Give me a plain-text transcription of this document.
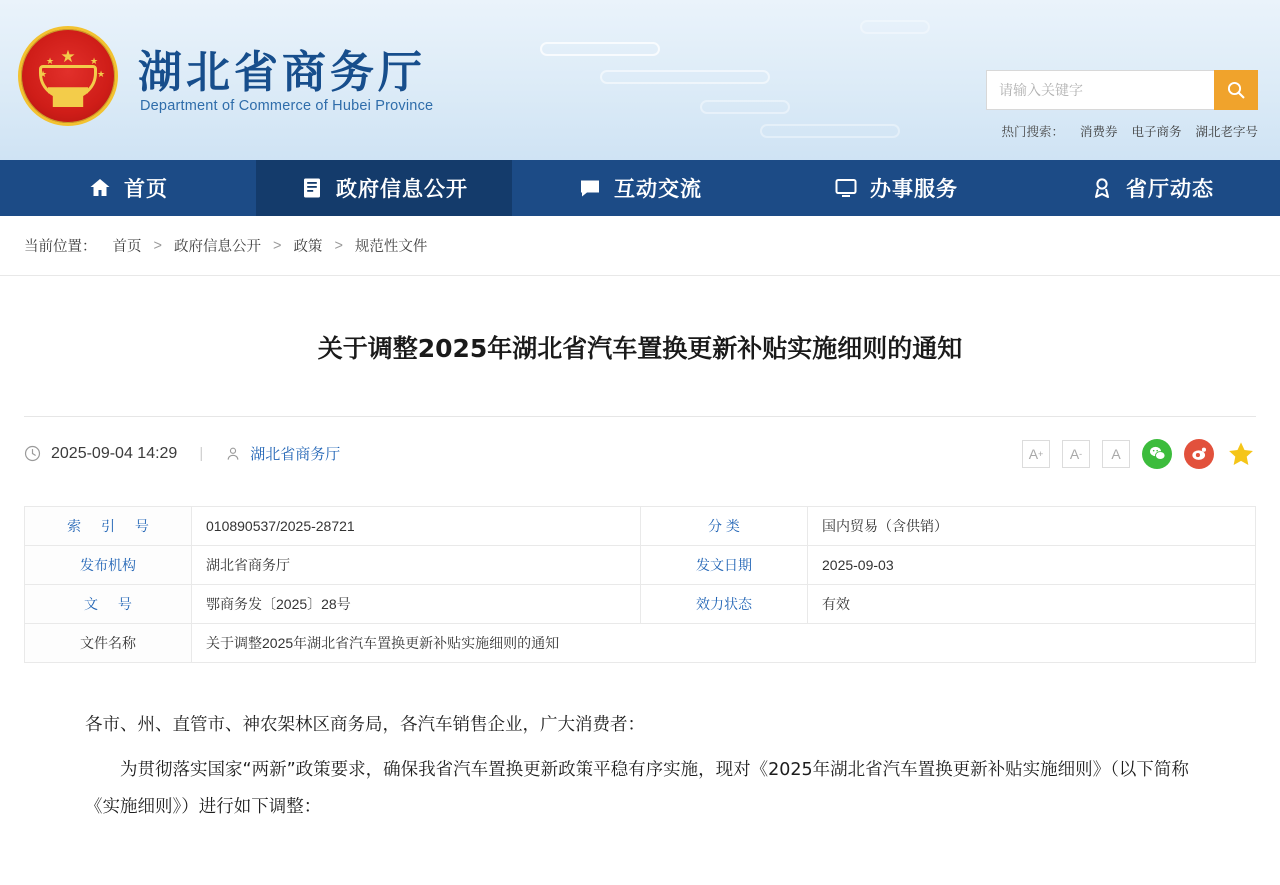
★
★
★
★
★ 湖北省商务厅
Department of Commerce of Hubei Province
请输入关键字
热门搜索： 消费券 电子商务 湖北老字号
首页	政府信息公开	互动交流	办事服务	省厅动态
当前位置： 首页 > 政府信息公开 > 政策 > 规范性文件
关于调整2025年湖北省汽车置换更新补贴实施细则的通知
2025-09-04 14:29 |	湖北省商务厅	A +	A -	A
索 引 号	010890537/2025-28721	分 类	国内贸易（含供销）
发布机构	湖北省商务厅	发文日期	2025-09-03
文 号	鄂商务发〔2025〕28号	效力状态	有效
文件名称	关于调整2025年湖北省汽车置换更新补贴实施细则的通知		

各市、州、直管市、神农架林区商务局，各汽车销售企业，广大消费者：

为贯彻落实国家“两新”政策要求，确保我省汽车置换更新政策平稳有序实施，现对《2025年湖北省汽车置换更新补贴实施细则》（以下简称《实施细则》）进行如下调整：
